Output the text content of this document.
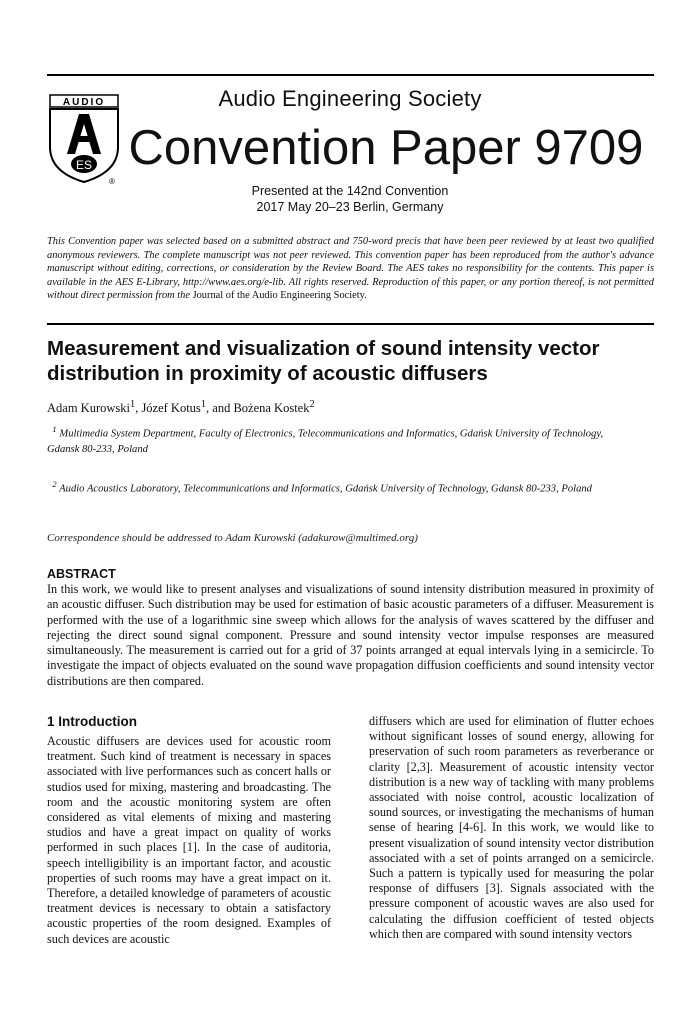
AUDIO
ES
®
Audio Engineering Society
Convention Paper 9709
Presented at the 142nd Convention
2017 May 20–23 Berlin, Germany
This Convention paper was selected based on a submitted abstract and 750-word precis that have been peer reviewed by at least two qualified anonymous reviewers. The complete manuscript was not peer reviewed. This convention paper has been reproduced from the author's advance manuscript without editing, corrections, or consideration by the Review Board. The AES takes no responsibility for the contents. This paper is available in the AES E-Library, http://www.aes.org/e-lib. All rights reserved. Reproduction of this paper, or any portion thereof, is not permitted without direct permission from the Journal of the Audio Engineering Society.
Measurement and visualization of sound intensity vector distribution in proximity of acoustic diffusers
Adam Kurowski$^1$, Józef Kotus$^1$, and Bożena Kostek$^2$
$^1$ Multimedia System Department, Faculty of Electronics, Telecommunications and Informatics, Gdańsk University of Technology, Gdansk 80-233, Poland
$^2$ Audio Acoustics Laboratory, Telecommunications and Informatics, Gdańsk University of Technology, Gdansk 80-233, Poland
Correspondence should be addressed to Adam Kurowski (adakurow@multimed.org)
ABSTRACT
In this work, we would like to present analyses and visualizations of sound intensity distribution measured in proximity of an acoustic diffuser. Such distribution may be used for estimation of basic acoustic parameters of a diffuser. Measurement is performed with the use of a logarithmic sine sweep which allows for the analysis of waves scattered by the diffuser and rejecting the direct sound signal component. Pressure and sound intensity vector impulse responses are measured simultaneously. The measurement is carried out for a grid of 37 points arranged at equal intervals lying in a semicircle. To investigate the impact of objects evaluated on the sound wave propagation diffusion coefficients and sound intensity vector distributions are then compared.
1 Introduction
Acoustic diffusers are devices used for acoustic room treatment. Such kind of treatment is necessary in spaces associated with live performances such as concert halls or studios used for mixing, mastering and broadcasting. The room and the acoustic monitoring system are often considered as vital elements of mixing and mastering studios and have a great impact on quality of works performed in such places [1]. In the case of auditoria, speech intelligibility is an important factor, and acoustic properties of such rooms may have a great impact on it. Therefore, a detailed knowledge of parameters of acoustic treatment devices is necessary to obtain a satisfactory acoustic properties of the room designed. Examples of such devices are acoustic
diffusers which are used for elimination of flutter echoes without significant losses of sound energy, allowing for preservation of such room parameters as reverberance or clarity [2,3]. Measurement of acoustic intensity vector distribution is a new way of tackling with many problems associated with noise control, acoustic localization of sound sources, or investigating the mechanisms of human sense of hearing [4-6]. In this work, we would like to present visualization of sound intensity vector distribution associated with a set of points arranged on a semicircle. Such a pattern is typically used for measuring the polar response of diffusers [3]. Signals associated with the pressure component of acoustic waves are also used for calculating the diffusion coefficient of tested objects which then are compared with sound intensity vectors
